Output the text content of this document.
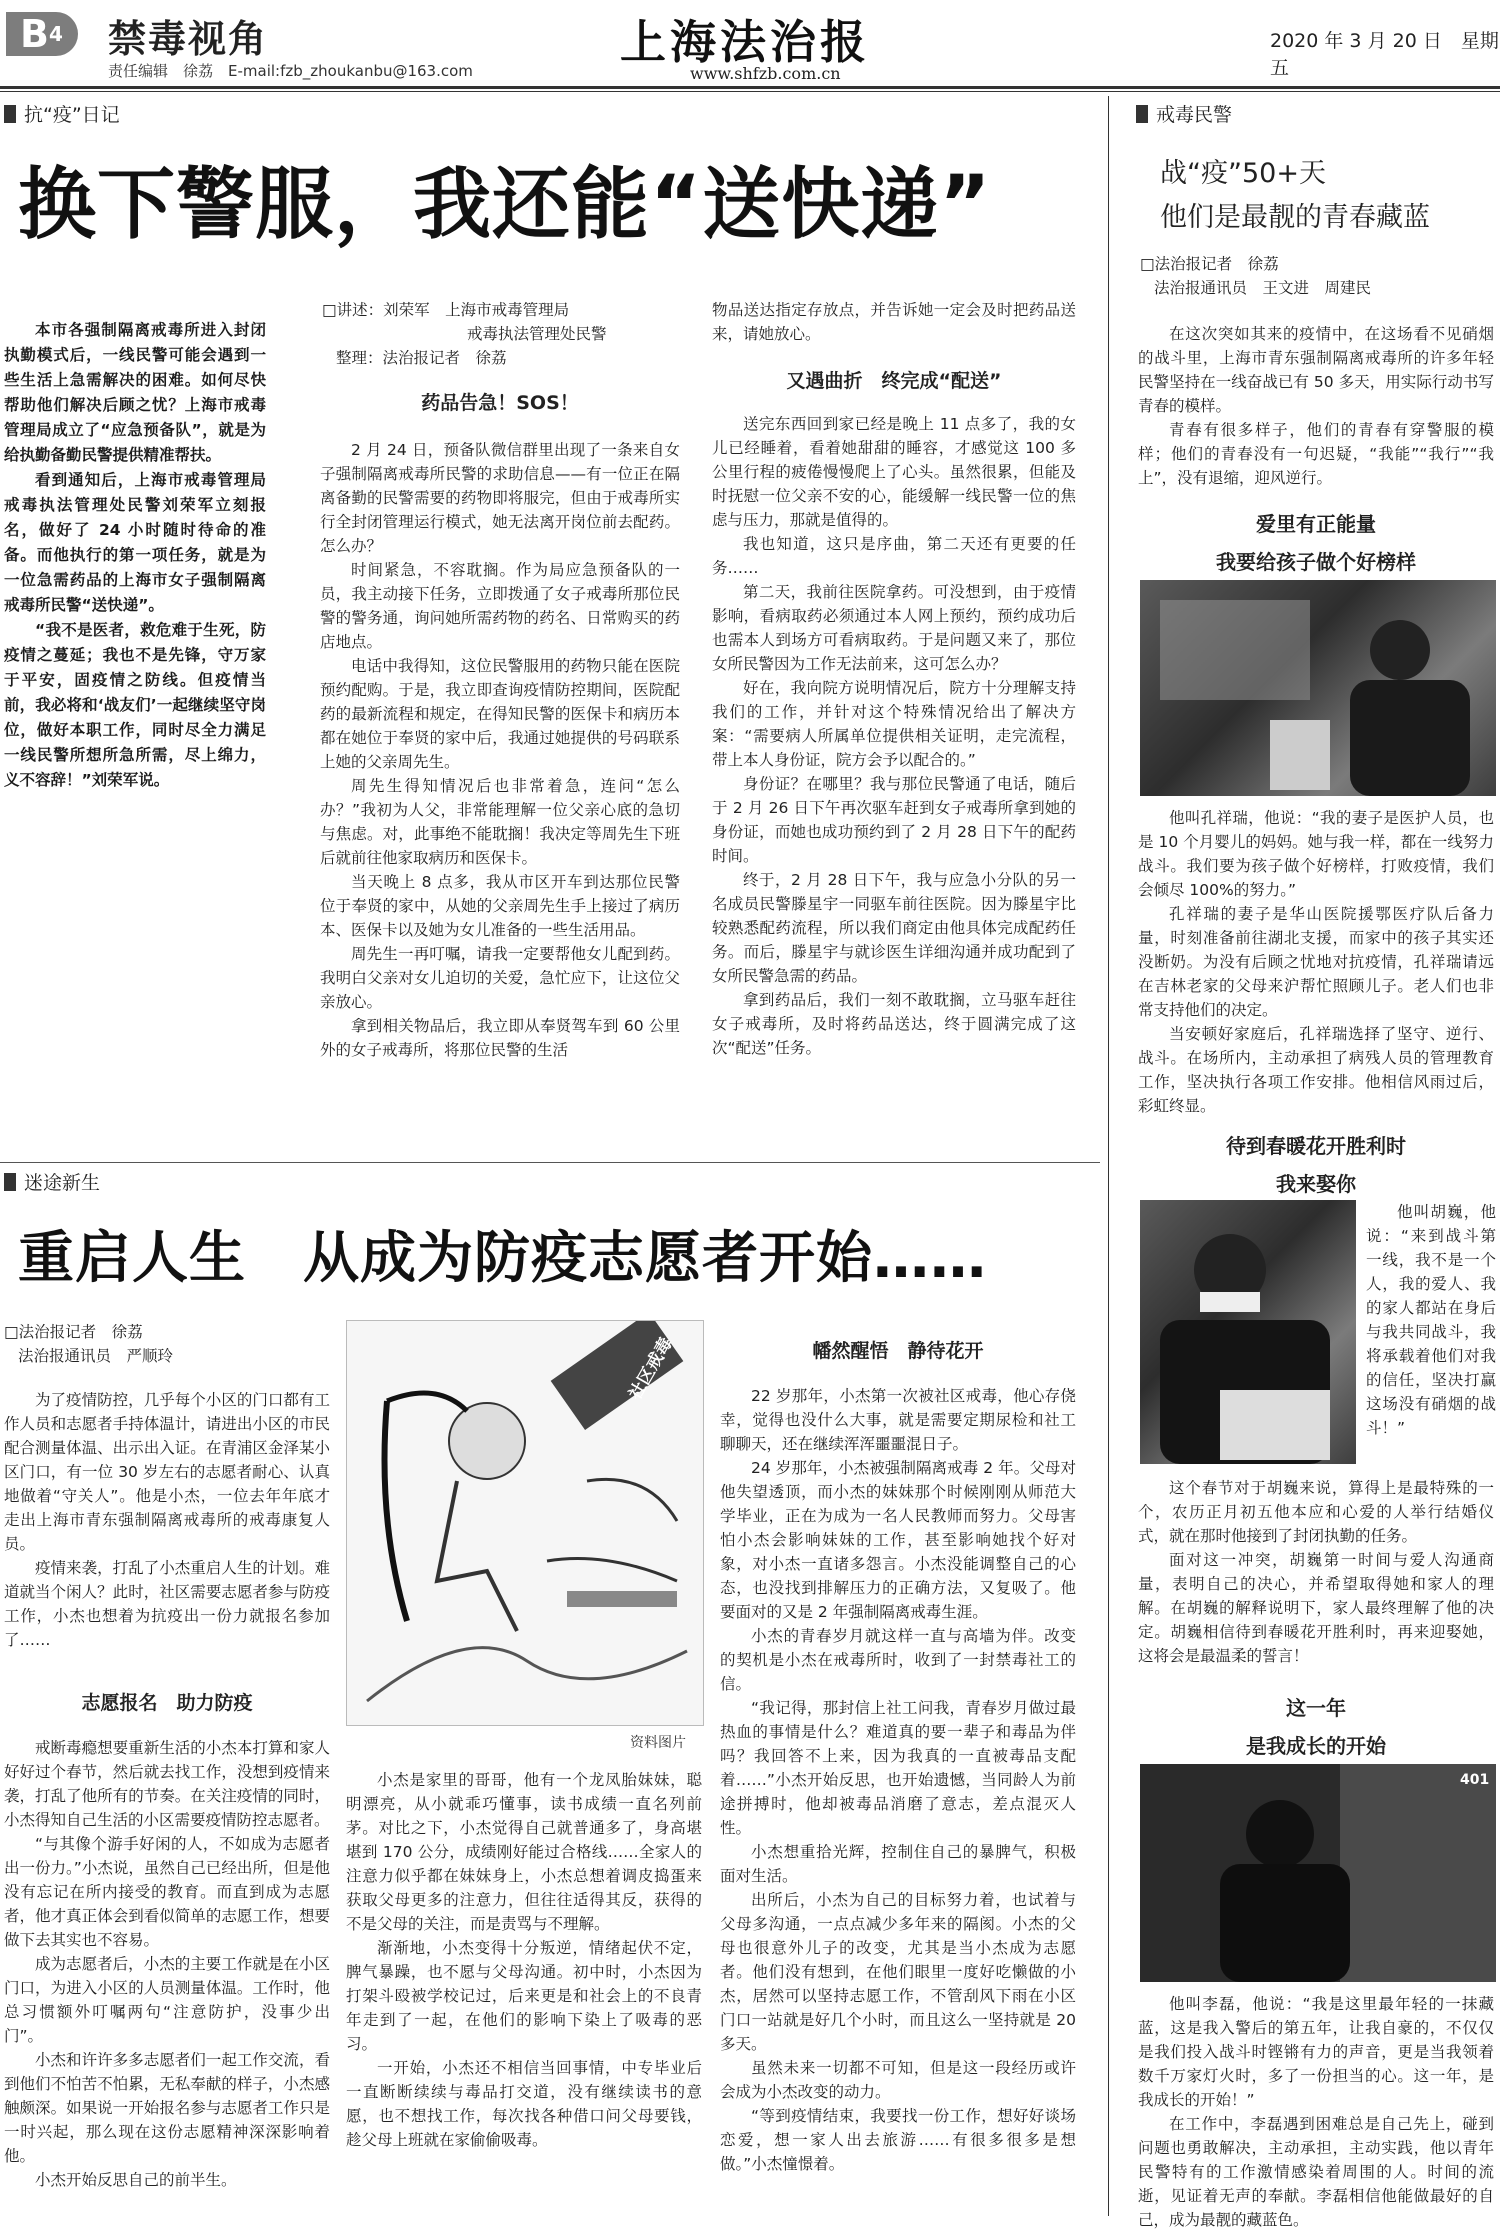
B4	禁毒视角
责任编辑　徐荔　E-mail:fzb_zhoukanbu@163.com
上海法治报
www.shfzb.com.cn
2020 年 3 月 20 日　星期五
抗“疫”日记
换下警服，我还能“送快递”

本市各强制隔离戒毒所进入封闭执勤模式后，一线民警可能会遇到一些生活上急需解决的困难。如何尽快帮助他们解决后顾之忧？上海市戒毒管理局成立了“应急预备队”，就是为给执勤备勤民警提供精准帮扶。

看到通知后，上海市戒毒管理局戒毒执法管理处民警刘荣军立刻报名，做好了 24 小时随时待命的准备。而他执行的第一项任务，就是为一位急需药品的上海市女子强制隔离戒毒所民警“送快递”。

“我不是医者，救危难于生死，防疫情之蔓延；我也不是先锋，守万家于平安，固疫情之防线。但疫情当前，我必将和‘战友们’一起继续坚守岗位，做好本职工作，同时尽全力满足一线民警所想所急所需，尽上绵力，义不容辞！”刘荣军说。

□讲述：刘荣军　上海市戒毒管理局
戒毒执法管理处民警
整理：法治报记者　徐荔
药品告急！SOS！

2 月 24 日，预备队微信群里出现了一条来自女子强制隔离戒毒所民警的求助信息——有一位正在隔离备勤的民警需要的药物即将服完，但由于戒毒所实行全封闭管理运行模式，她无法离开岗位前去配药。怎么办？

时间紧急，不容耽搁。作为局应急预备队的一员，我主动接下任务，立即拨通了女子戒毒所那位民警的警务通，询问她所需药物的药名、日常购买的药店地点。

电话中我得知，这位民警服用的药物只能在医院预约配购。于是，我立即查询疫情防控期间，医院配药的最新流程和规定，在得知民警的医保卡和病历本都在她位于奉贤的家中后，我通过她提供的号码联系上她的父亲周先生。

周先生得知情况后也非常着急，连问“怎么办？”我初为人父，非常能理解一位父亲心底的急切与焦虑。对，此事绝不能耽搁！我决定等周先生下班后就前往他家取病历和医保卡。

当天晚上 8 点多，我从市区开车到达那位民警位于奉贤的家中，从她的父亲周先生手上接过了病历本、医保卡以及她为女儿准备的一些生活用品。

周先生一再叮嘱，请我一定要帮他女儿配到药。我明白父亲对女儿迫切的关爱，急忙应下，让这位父亲放心。

拿到相关物品后，我立即从奉贤驾车到 60 公里外的女子戒毒所，将那位民警的生活

物品送达指定存放点，并告诉她一定会及时把药品送来，请她放心。

又遇曲折　终完成“配送”

送完东西回到家已经是晚上 11 点多了，我的女儿已经睡着，看着她甜甜的睡容，才感觉这 100 多公里行程的疲倦慢慢爬上了心头。虽然很累，但能及时抚慰一位父亲不安的心，能缓解一线民警一位的焦虑与压力，那就是值得的。

我也知道，这只是序曲，第二天还有更要的任务……

第二天，我前往医院拿药。可没想到，由于疫情影响，看病取药必须通过本人网上预约，预约成功后也需本人到场方可看病取药。于是问题又来了，那位女所民警因为工作无法前来，这可怎么办？

好在，我向院方说明情况后，院方十分理解支持我们的工作，并针对这个特殊情况给出了解决方案：“需要病人所属单位提供相关证明，走完流程，带上本人身份证，院方会予以配合的。”

身份证？在哪里？我与那位民警通了电话，随后于 2 月 26 日下午再次驱车赶到女子戒毒所拿到她的身份证，而她也成功预约到了 2 月 28 日下午的配药时间。

终于，2 月 28 日下午，我与应急小分队的另一名成员民警滕星宇一同驱车前往医院。因为滕星宇比较熟悉配药流程，所以我们商定由他具体完成配药任务。而后，滕星宇与就诊医生详细沟通并成功配到了女所民警急需的药品。

拿到药品后，我们一刻不敢耽搁，立马驱车赶往女子戒毒所，及时将药品送达，终于圆满完成了这次“配送”任务。

迷途新生
重启人生　从成为防疫志愿者开始……
□法治报记者　徐荔
法治报通讯员　严顺玲

为了疫情防控，几乎每个小区的门口都有工作人员和志愿者手持体温计，请进出小区的市民配合测量体温、出示出入证。在青浦区金泽某小区门口，有一位 30 岁左右的志愿者耐心、认真地做着“守关人”。他是小杰，一位去年年底才走出上海市青东强制隔离戒毒所的戒毒康复人员。

疫情来袭，打乱了小杰重启人生的计划。难道就当个闲人？此时，社区需要志愿者参与防疫工作，小杰也想着为抗疫出一份力就报名参加了……

志愿报名　助力防疫

戒断毒瘾想要重新生活的小杰本打算和家人好好过个春节，然后就去找工作，没想到疫情来袭，打乱了他所有的节奏。在关注疫情的同时，小杰得知自己生活的小区需要疫情防控志愿者。

“与其像个游手好闲的人，不如成为志愿者出一份力。”小杰说，虽然自己已经出所，但是他没有忘记在所内接受的教育。而直到成为志愿者，他才真正体会到看似简单的志愿工作，想要做下去其实也不容易。

成为志愿者后，小杰的主要工作就是在小区门口，为进入小区的人员测量体温。工作时，他总习惯额外叮嘱两句“注意防护，没事少出门”。

小杰和许许多多志愿者们一起工作交流，看到他们不怕苦不怕累，无私奉献的样子，小杰感触颇深。如果说一开始报名参与志愿者工作只是一时兴起，那么现在这份志愿精神深深影响着他。

小杰开始反思自己的前半生。

社区戒毒
资料图片

小杰是家里的哥哥，他有一个龙凤胎妹妹，聪明漂亮，从小就乖巧懂事，读书成绩一直名列前茅。对比之下，小杰觉得自己就普通多了，身高堪堪到 170 公分，成绩刚好能过合格线……全家人的注意力似乎都在妹妹身上，小杰总想着调皮捣蛋来获取父母更多的注意力，但往往适得其反，获得的不是父母的关注，而是责骂与不理解。

渐渐地，小杰变得十分叛逆，情绪起伏不定，脾气暴躁，也不愿与父母沟通。初中时，小杰因为打架斗殴被学校记过，后来更是和社会上的不良青年走到了一起，在他们的影响下染上了吸毒的恶习。

一开始，小杰还不相信当回事情，中专毕业后一直断断续续与毒品打交道，没有继续读书的意愿，也不想找工作，每次找各种借口问父母要钱，趁父母上班就在家偷偷吸毒。

幡然醒悟　静待花开

22 岁那年，小杰第一次被社区戒毒，他心存侥幸，觉得也没什么大事，就是需要定期尿检和社工聊聊天，还在继续浑浑噩噩混日子。

24 岁那年，小杰被强制隔离戒毒 2 年。父母对他失望透顶，而小杰的妹妹那个时候刚刚从师范大学毕业，正在为成为一名人民教师而努力。父母害怕小杰会影响妹妹的工作，甚至影响她找个好对象，对小杰一直诸多怨言。小杰没能调整自己的心态，也没找到排解压力的正确方法，又复吸了。他要面对的又是 2 年强制隔离戒毒生涯。

小杰的青春岁月就这样一直与高墙为伴。改变的契机是小杰在戒毒所时，收到了一封禁毒社工的信。

“我记得，那封信上社工问我，青春岁月做过最热血的事情是什么？难道真的要一辈子和毒品为伴吗？我回答不上来，因为我真的一直被毒品支配着……”小杰开始反思，也开始遗憾，当同龄人为前途拼搏时，他却被毒品消磨了意志，差点混灭人性。

小杰想重拾光辉，控制住自己的暴脾气，积极面对生活。

出所后，小杰为自己的目标努力着，也试着与父母多沟通，一点点减少多年来的隔阂。小杰的父母也很意外儿子的改变，尤其是当小杰成为志愿者。他们没有想到，在他们眼里一度好吃懒做的小杰，居然可以坚持志愿工作，不管刮风下雨在小区门口一站就是好几个小时，而且这么一坚持就是 20 多天。

虽然未来一切都不可知，但是这一段经历或许会成为小杰改变的动力。

“等到疫情结束，我要找一份工作，想好好谈场恋爱，想一家人出去旅游……有很多很多是想做。”小杰憧憬着。

戒毒民警
战“疫”50+天
他们是最靓的青春藏蓝
□法治报记者　徐荔
法治报通讯员　王文进　周建民

在这次突如其来的疫情中，在这场看不见硝烟的战斗里，上海市青东强制隔离戒毒所的许多年轻民警坚持在一线奋战已有 50 多天，用实际行动书写青春的模样。

青春有很多样子，他们的青春有穿警服的模样；他们的青春没有一句迟疑，“我能”“我行”“我上”，没有退缩，迎风逆行。

爱里有正能量
我要给孩子做个好榜样

他叫孔祥瑞，他说：“我的妻子是医护人员，也是 10 个月婴儿的妈妈。她与我一样，都在一线努力战斗。我们要为孩子做个好榜样，打败疫情，我们会倾尽 100%的努力。”

孔祥瑞的妻子是华山医院援鄂医疗队后备力量，时刻准备前往湖北支援，而家中的孩子其实还没断奶。为没有后顾之忧地对抗疫情，孔祥瑞请远在吉林老家的父母来沪帮忙照顾儿子。老人们也非常支持他们的决定。

当安顿好家庭后，孔祥瑞选择了坚守、逆行、战斗。在场所内，主动承担了病残人员的管理教育工作，坚决执行各项工作安排。他相信风雨过后，彩虹终显。

待到春暖花开胜利时
我来娶你

他叫胡巍，他说：“来到战斗第一线，我不是一个人，我的爱人、我的家人都站在身后与我共同战斗，我将承载着他们对我的信任，坚决打赢这场没有硝烟的战斗！”

这个春节对于胡巍来说，算得上是最特殊的一个，农历正月初五他本应和心爱的人举行结婚仪式，就在那时他接到了封闭执勤的任务。

面对这一冲突，胡巍第一时间与爱人沟通商量，表明自己的决心，并希望取得她和家人的理解。在胡巍的解释说明下，家人最终理解了他的决定。胡巍相信待到春暖花开胜利时，再来迎娶她，这将会是最温柔的誓言！

这一年
是我成长的开始
401

他叫李磊，他说：“我是这里最年轻的一抹藏蓝，这是我入警后的第五年，让我自豪的，不仅仅是我们投入战斗时铿锵有力的声音，更是当我领着数千万家灯火时，多了一份担当的心。这一年，是我成长的开始！”

在工作中，李磊遇到困难总是自己先上，碰到问题也勇敢解决，主动承担，主动实践，他以青年民警特有的工作激情感染着周围的人。时间的流逝，见证着无声的奉献。李磊相信他能做最好的自己，成为最靓的藏蓝色。
